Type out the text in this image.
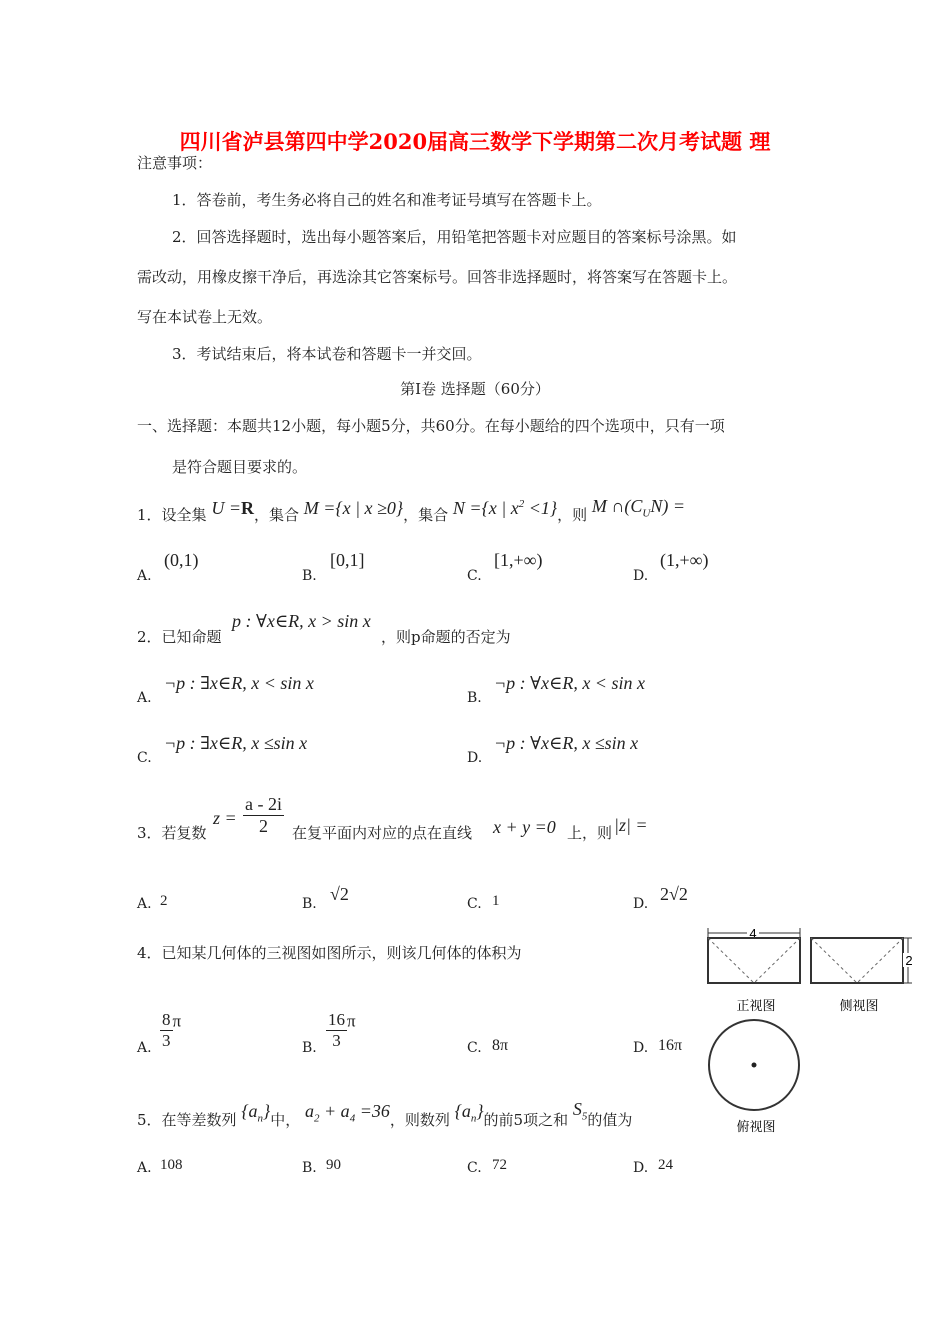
四川省泸县第四中学2020届高三数学下学期第二次月考试题 理
注意事项：
1．答卷前，考生务必将自己的姓名和准考证号填写在答题卡上。
2．回答选择题时，选出每小题答案后，用铅笔把答题卡对应题目的答案标号涂黑。如
需改动，用橡皮擦干净后，再选涂其它答案标号。回答非选择题时，将答案写在答题卡上。
写在本试卷上无效。
3．考试结束后，将本试卷和答题卡一并交回。
第Ⅰ卷 选择题（60分）
一、选择题：本题共12小题，每小题5分，共60分。在每小题给的四个选项中，只有一项
是符合题目要求的。
1．设全集 U =R，集合 M ={x | x ≥0}，集合 N ={x | $x^2 <1$}，则 M $\cap(C_UN)$ =
A.
(0,1)
B.
[0,1]
C.
[1,+∞)
D.
(1,+∞)
2．已知命题
p : ∀x∈R, x > sin x
，则p命题的否定为
A.
¬p : ∃x∈R, x < sin x
B.
¬p : ∀x∈R, x < sin x
C.
¬p : ∃x∈R, x ≤sin x
D.
¬p : ∀x∈R, x ≤sin x
3．若复数
$z = \frac{a - 2i}{2}$ 在复平面内对应的点在直线 x + y =0 上，则 |z| =
A. 2	B. √2	C. 1	D. 2√2
4．已知某几何体的三视图如图所示，则该几何体的体积为
A. $\frac{8}{3}$ π
B. $\frac{16}{3}$ π
C. 8π	D. 16π
4
正视图	侧视图
2
俯视图
5．在等差数列 $\{a_n\}$中， $a_2 + a_4 =36$，则数列 $\{a_n\}$的前5项之和 $S_5$的值为
A. 108	B. 90	C. 72	D. 24
